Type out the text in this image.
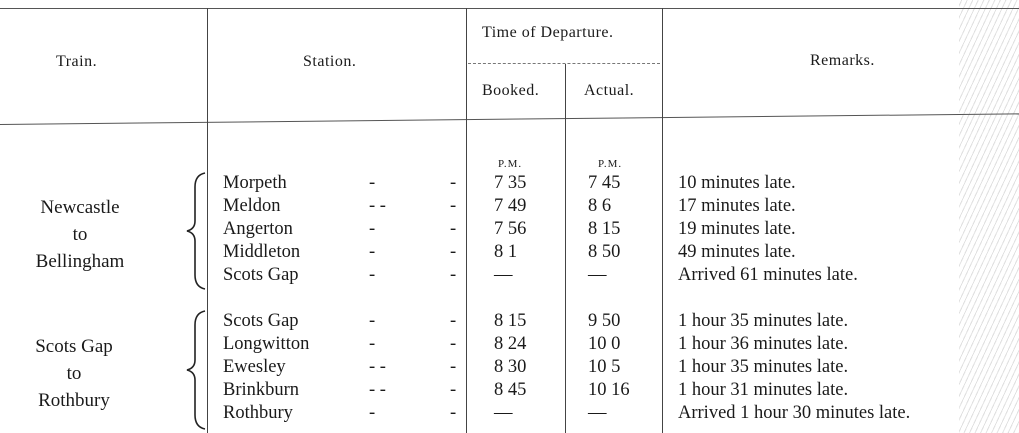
Train.	Station.
Time of Departure.
Booked.	Actual.
Remarks.
P.M.	P.M.
Newcastle
to
Bellingham
Morpeth	-	- 7 35	7 45	10 minutes late.
Meldon	- -	- 7 49	8 6	17 minutes late.
Angerton	-	- 7 56	8 15	19 minutes late.
Middleton	-	- 8 1	8 50	49 minutes late.
Scots Gap	-	- —	—	Arrived 61 minutes late.
Scots Gap
to
Rothbury
Scots Gap	-	- 8 15	9 50	1 hour 35 minutes late.
Longwitton	-	- 8 24	10 0	1 hour 36 minutes late.
Ewesley	- -	- 8 30	10 5	1 hour 35 minutes late.
Brinkburn	- -	- 8 45	10 16	1 hour 31 minutes late.
Rothbury	-	- —	—	Arrived 1 hour 30 minutes late.
